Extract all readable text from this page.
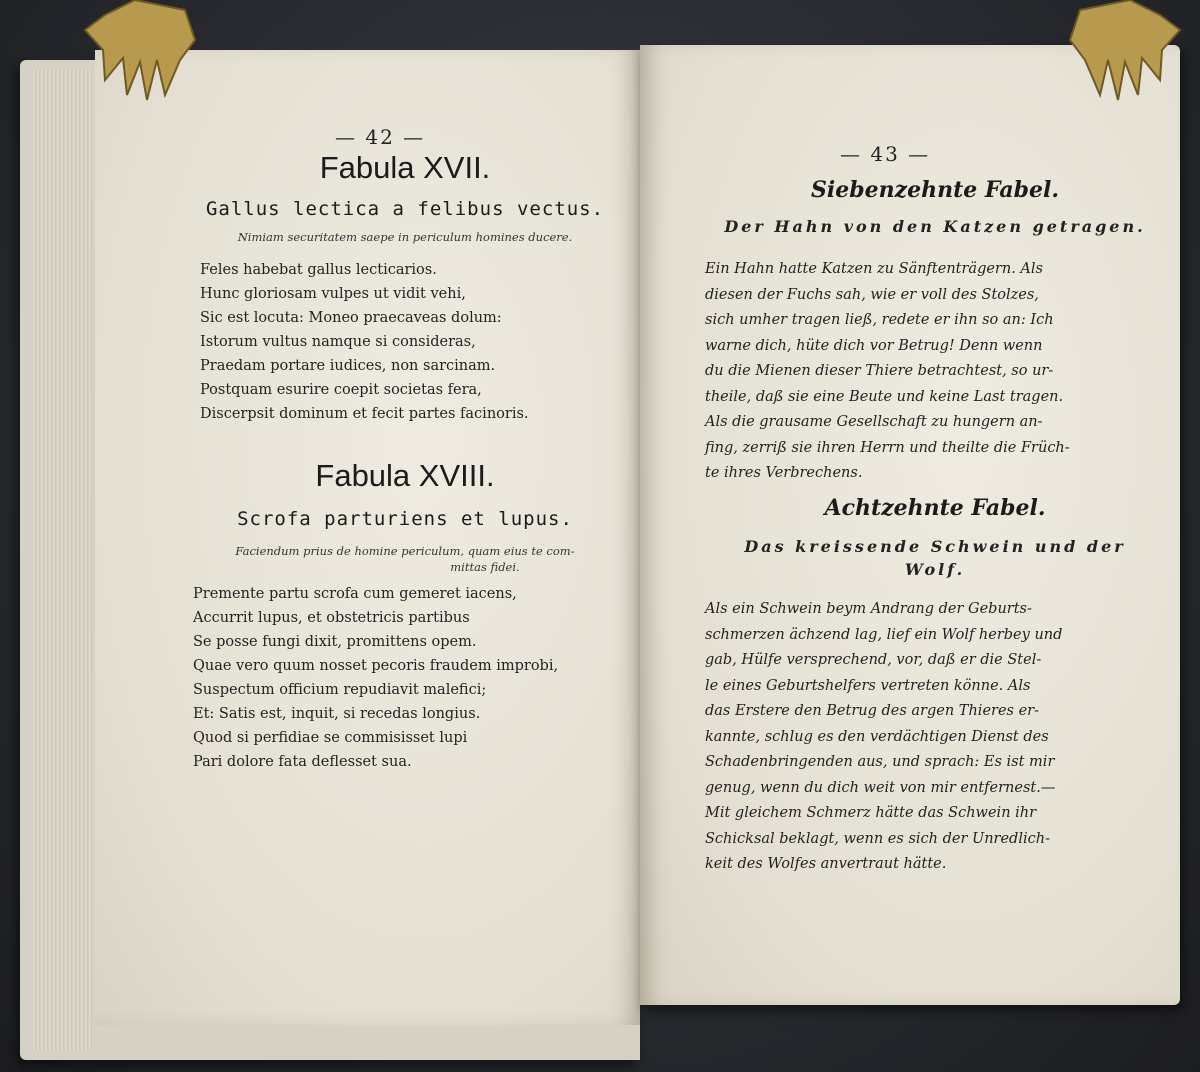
— 42 —
Fabula XVII.
Gallus lectica a felibus vectus.
Nimiam securitatem saepe in periculum homines ducere.

Feles habebat gallus lecticarios.

Hunc gloriosam vulpes ut vidit vehi,

Sic est locuta: Moneo praecaveas dolum:

Istorum vultus namque si consideras,

Praedam portare iudices, non sarcinam.

Postquam esurire coepit societas fera,

Discerpsit dominum et fecit partes facinoris.

Fabula XVIII.
Scrofa parturiens et lupus.
Faciendum prius de homine periculum, quam eius te com-
mittas fidei.

Premente partu scrofa cum gemeret iacens,

Accurrit lupus, et obstetricis partibus

Se posse fungi dixit, promittens opem.

Quae vero quum nosset pecoris fraudem improbi,

Suspectum officium repudiavit malefici;

Et: Satis est, inquit, si recedas longius.

Quod si perfidiae se commisisset lupi

Pari dolore fata deflesset sua.

— 43 —
Siebenzehnte Fabel.
Der Hahn von den Katzen getragen.

Ein Hahn hatte Katzen zu Sänftenträgern. Als

diesen der Fuchs sah, wie er voll des Stolzes,

sich umher tragen ließ, redete er ihn so an: Ich

warne dich, hüte dich vor Betrug! Denn wenn

du die Mienen dieser Thiere betrachtest, so ur-

theile, daß sie eine Beute und keine Last tragen.

Als die grausame Gesellschaft zu hungern an-

fing, zerriß sie ihren Herrn und theilte die Früch-

te ihres Verbrechens.

Achtzehnte Fabel.
Das kreissende Schwein und der
Wolf.

Als ein Schwein beym Andrang der Geburts-

schmerzen ächzend lag, lief ein Wolf herbey und

gab, Hülfe versprechend, vor, daß er die Stel-

le eines Geburtshelfers vertreten könne. Als

das Erstere den Betrug des argen Thieres er-

kannte, schlug es den verdächtigen Dienst des

Schadenbringenden aus, und sprach: Es ist mir

genug, wenn du dich weit von mir entfernest.—

Mit gleichem Schmerz hätte das Schwein ihr

Schicksal beklagt, wenn es sich der Unredlich-

keit des Wolfes anvertraut hätte.
